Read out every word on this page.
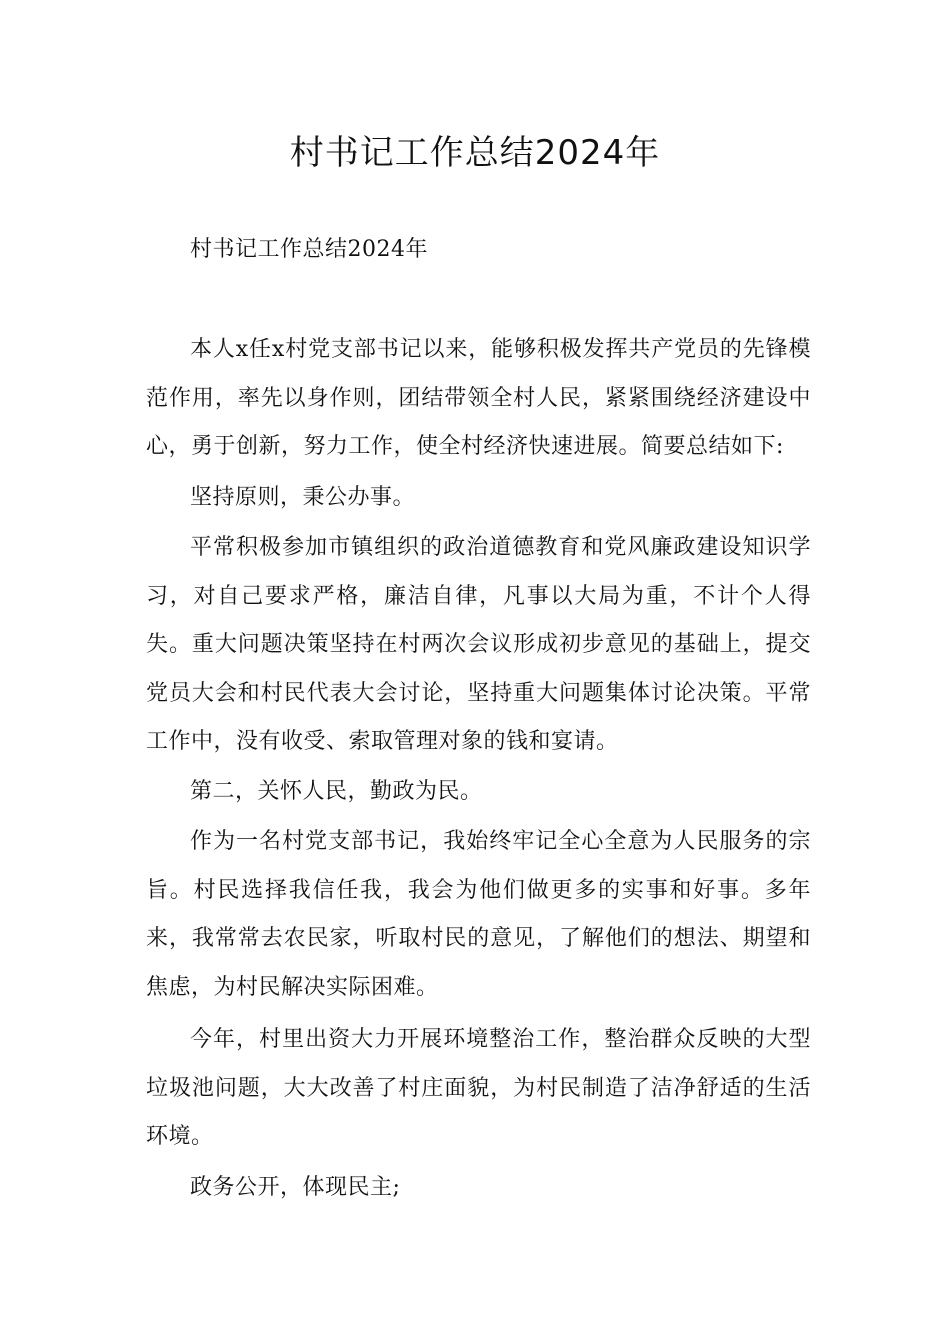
村书记工作总结2024年

村书记工作总结2024年

本人x任x村党支部书记以来，能够积极发挥共产党员的先锋模范作用，率先以身作则，团结带领全村人民，紧紧围绕经济建设中心，勇于创新，努力工作，使全村经济快速进展。简要总结如下:

坚持原则，秉公办事。

平常积极参加市镇组织的政治道德教育和党风廉政建设知识学习，对自己要求严格，廉洁自律，凡事以大局为重，不计个人得失。重大问题决策坚持在村两次会议形成初步意见的基础上，提交党员大会和村民代表大会讨论，坚持重大问题集体讨论决策。平常工作中，没有收受、索取管理对象的钱和宴请。

第二，关怀人民，勤政为民。

作为一名村党支部书记，我始终牢记全心全意为人民服务的宗旨。村民选择我信任我，我会为他们做更多的实事和好事。多年来，我常常去农民家，听取村民的意见，了解他们的想法、期望和焦虑，为村民解决实际困难。

今年，村里出资大力开展环境整治工作，整治群众反映的大型垃圾池问题，大大改善了村庄面貌，为村民制造了洁净舒适的生活环境。

政务公开，体现民主;
